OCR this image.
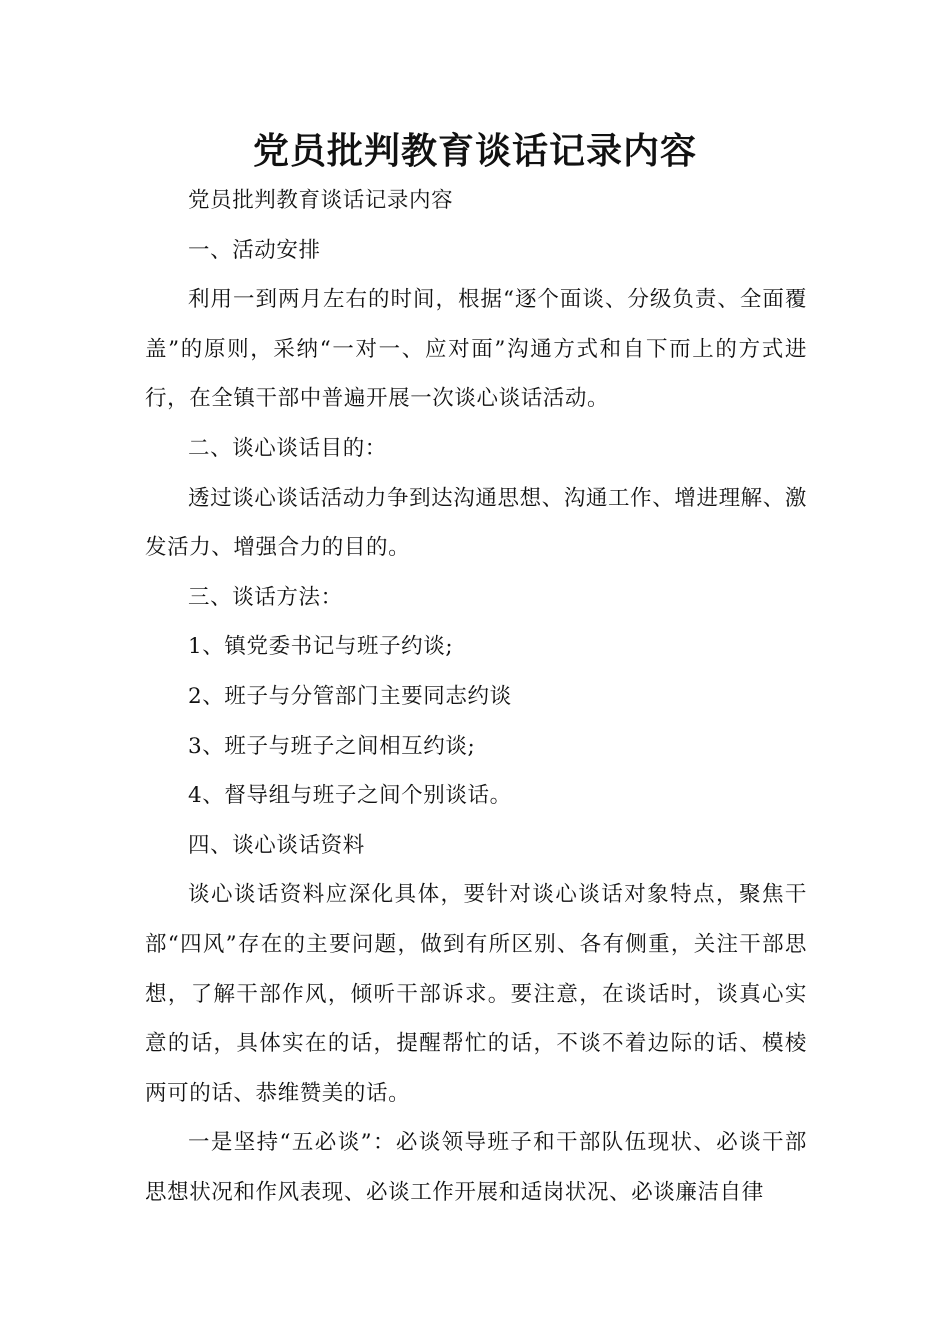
党员批判教育谈话记录内容

党员批判教育谈话记录内容

一、活动安排

利用一到两月左右的时间，根据“逐个面谈、分级负责、全面覆盖”的原则，采纳“一对一、应对面”沟通方式和自下而上的方式进行，在全镇干部中普遍开展一次谈心谈话活动。

二、谈心谈话目的：

透过谈心谈话活动力争到达沟通思想、沟通工作、增进理解、激发活力、增强合力的目的。

三、谈话方法：

1、镇党委书记与班子约谈;

2、班子与分管部门主要同志约谈

3、班子与班子之间相互约谈;

4、督导组与班子之间个别谈话。

四、谈心谈话资料

谈心谈话资料应深化具体，要针对谈心谈话对象特点，聚焦干部“四风”存在的主要问题，做到有所区别、各有侧重，关注干部思想，了解干部作风，倾听干部诉求。要注意，在谈话时，谈真心实意的话，具体实在的话，提醒帮忙的话，不谈不着边际的话、模棱两可的话、恭维赞美的话。

一是坚持“五必谈”：必谈领导班子和干部队伍现状、必谈干部思想状况和作风表现、必谈工作开展和适岗状况、必谈廉洁自律
